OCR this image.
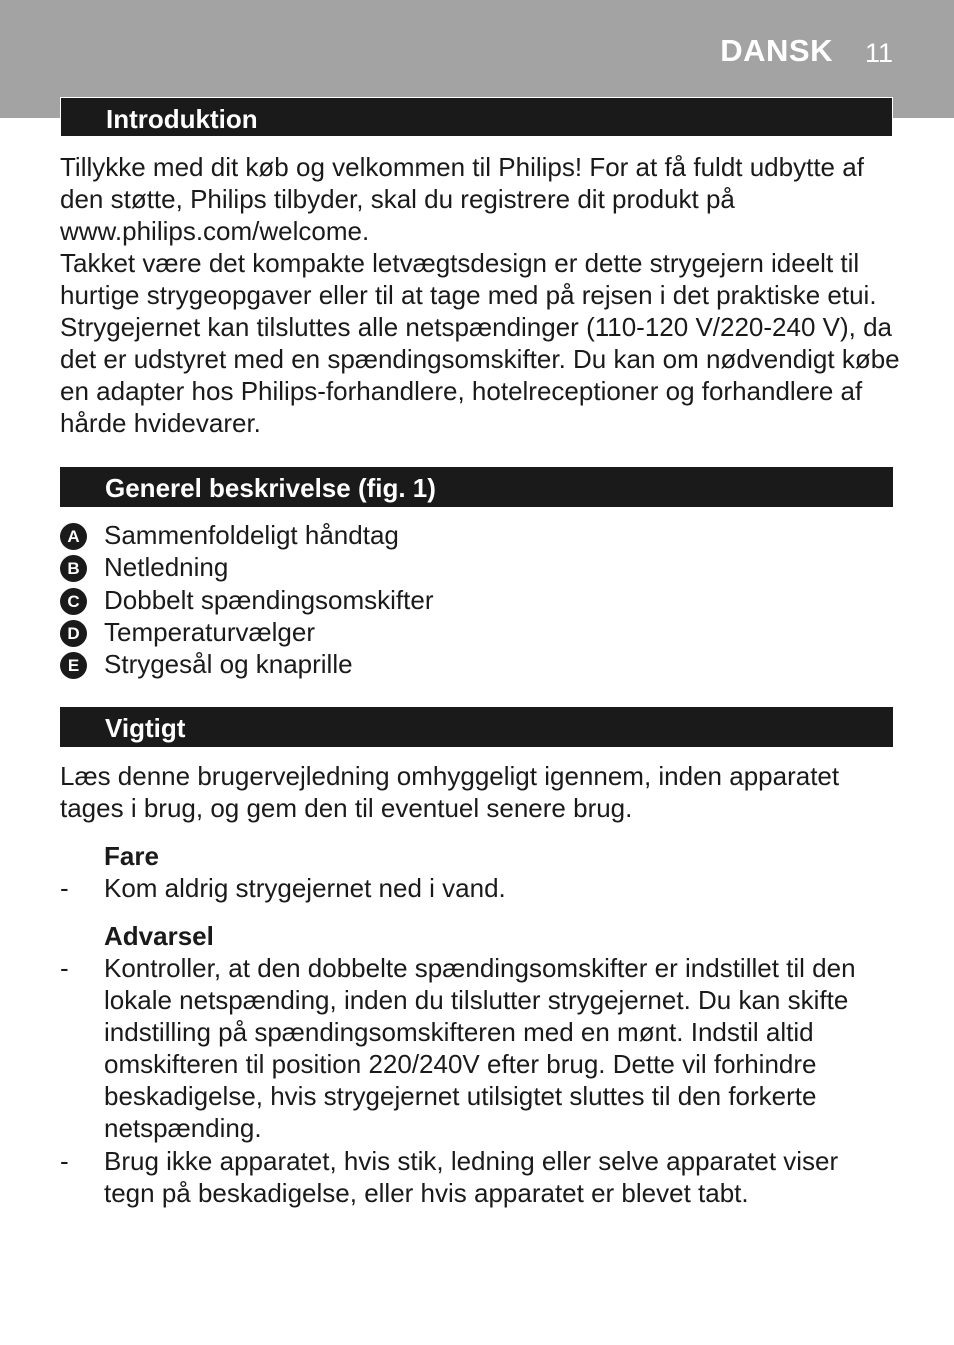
DANSK 11
Introduktion

Tillykke med dit køb og velkommen til Philips! For at få fuldt udbytte af den støtte, Philips tilbyder, skal du registrere dit produkt på www.philips.com/welcome.

Takket være det kompakte letvægtsdesign er dette strygejern ideelt til hurtige strygeopgaver eller til at tage med på rejsen i det praktiske etui. Strygejernet kan tilsluttes alle netspændinger (110-120 V/220-240 V), da det er udstyret med en spændingsomskifter. Du kan om nødvendigt købe en adapter hos Philips-forhandlere, hotelreceptioner og forhandlere af hårde hvidevarer.

Generel beskrivelse (fig. 1)
A Sammenfoldeligt håndtag
B Netledning
C Dobbelt spændingsomskifter
D Temperaturvælger
E Strygesål og knaprille
Vigtigt
Læs denne brugervejledning omhyggeligt igennem, inden apparatet tages i brug, og gem den til eventuel senere brug.
Fare
- Kom aldrig strygejernet ned i vand.
Advarsel
- Kontroller, at den dobbelte spændingsomskifter er indstillet til den lokale netspænding, inden du tilslutter strygejernet. Du kan skifte indstilling på spændingsomskifteren med en mønt. Indstil altid omskifteren til position 220/240V efter brug. Dette vil forhindre beskadigelse, hvis strygejernet utilsigtet sluttes til den forkerte netspænding.
- Brug ikke apparatet, hvis stik, ledning eller selve apparatet viser tegn på beskadigelse, eller hvis apparatet er blevet tabt.
